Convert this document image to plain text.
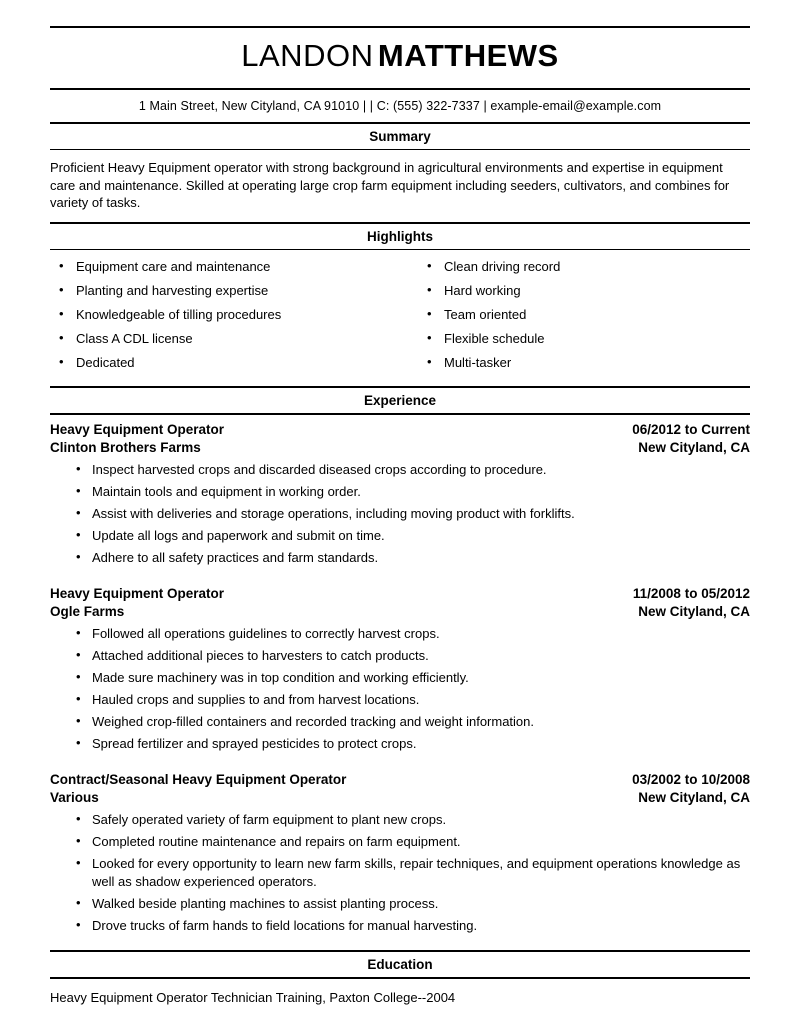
LANDON MATTHEWS
1 Main Street, New Cityland, CA 91010 | | C: (555) 322-7337 | example-email@example.com
Summary
Proficient Heavy Equipment operator with strong background in agricultural environments and expertise in equipment care and maintenance. Skilled at operating large crop farm equipment including seeders, cultivators, and combines for variety of tasks.
Highlights
• Equipment care and maintenance
• Planting and harvesting expertise
• Knowledgeable of tilling procedures
• Class A CDL license
• Dedicated
• Clean driving record
• Hard working
• Team oriented
• Flexible schedule
• Multi-tasker
Experience
Heavy Equipment Operator	06/2012 to Current
Clinton Brothers Farms	New Cityland, CA
• Inspect harvested crops and discarded diseased crops according to procedure.
• Maintain tools and equipment in working order.
• Assist with deliveries and storage operations, including moving product with forklifts.
• Update all logs and paperwork and submit on time.
• Adhere to all safety practices and farm standards.
Heavy Equipment Operator	11/2008 to 05/2012
Ogle Farms	New Cityland, CA
• Followed all operations guidelines to correctly harvest crops.
• Attached additional pieces to harvesters to catch products.
• Made sure machinery was in top condition and working efficiently.
• Hauled crops and supplies to and from harvest locations.
• Weighed crop-filled containers and recorded tracking and weight information.
• Spread fertilizer and sprayed pesticides to protect crops.
Contract/Seasonal Heavy Equipment Operator	03/2002 to 10/2008
Various	New Cityland, CA
• Safely operated variety of farm equipment to plant new crops.
• Completed routine maintenance and repairs on farm equipment.
• Looked for every opportunity to learn new farm skills, repair techniques, and equipment operations knowledge as well as shadow experienced operators.
• Walked beside planting machines to assist planting process.
• Drove trucks of farm hands to field locations for manual harvesting.
Education
Heavy Equipment Operator Technician Training, Paxton College--2004
